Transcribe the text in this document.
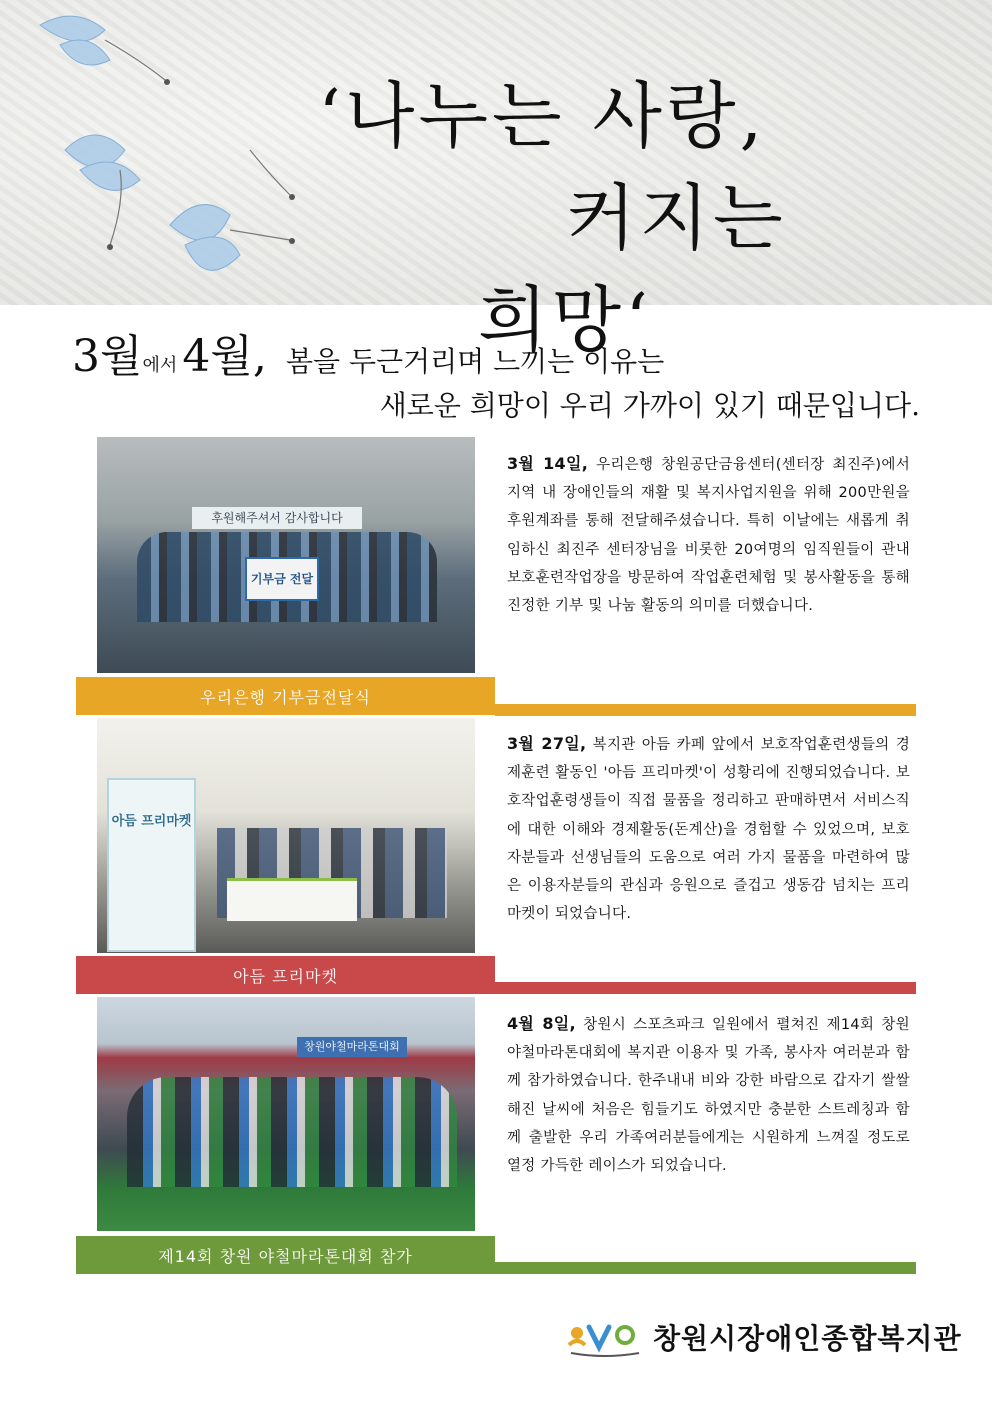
‘나누는 사랑,
커지는
희망‘
3월에서 4월, 봄을 두근거리며 느끼는 이유는
새로운 희망이 우리 가까이 있기 때문입니다.
후원해주셔서 감사합니다
기부금 전달
우리은행 기부금전달식
3월 14일, 우리은행 창원공단금융센터(센터장 최진주)에서 지역 내 장애인들의 재활 및 복지사업지원을 위해 200만원을 후원계좌를 통해 전달해주셨습니다. 특히 이날에는 새롭게 취임하신 최진주 센터장님을 비롯한 20여명의 임직원들이 관내 보호훈련작업장을 방문하여 작업훈련체험 및 봉사활동을 통해 진정한 기부 및 나눔 활동의 의미를 더했습니다.
아듬 프리마켓
아듬 프리마켓
3월 27일, 복지관 아듬 카페 앞에서 보호작업훈련생들의 경제훈련 활동인 '아듬 프리마켓'이 성황리에 진행되었습니다. 보호작업훈령생들이 직접 물품을 정리하고 판매하면서 서비스직에 대한 이해와 경제활동(돈계산)을 경험할 수 있었으며, 보호자분들과 선생님들의 도움으로 여러 가지 물품을 마련하여 많은 이용자분들의 관심과 응원으로 즐겁고 생동감 넘치는 프리마켓이 되었습니다.
창원야철마라톤대회
제14회 창원 야철마라톤대회 참가
4월 8일, 창원시 스포츠파크 일원에서 펼쳐진 제14회 창원 야철마라톤대회에 복지관 이용자 및 가족, 봉사자 여러분과 함께 참가하였습니다. 한주내내 비와 강한 바람으로 갑자기 쌀쌀해진 날씨에 처음은 힘들기도 하였지만 충분한 스트레칭과 함께 출발한 우리 가족여러분들에게는 시원하게 느껴질 정도로 열정 가득한 레이스가 되었습니다.
창원시장애인종합복지관
